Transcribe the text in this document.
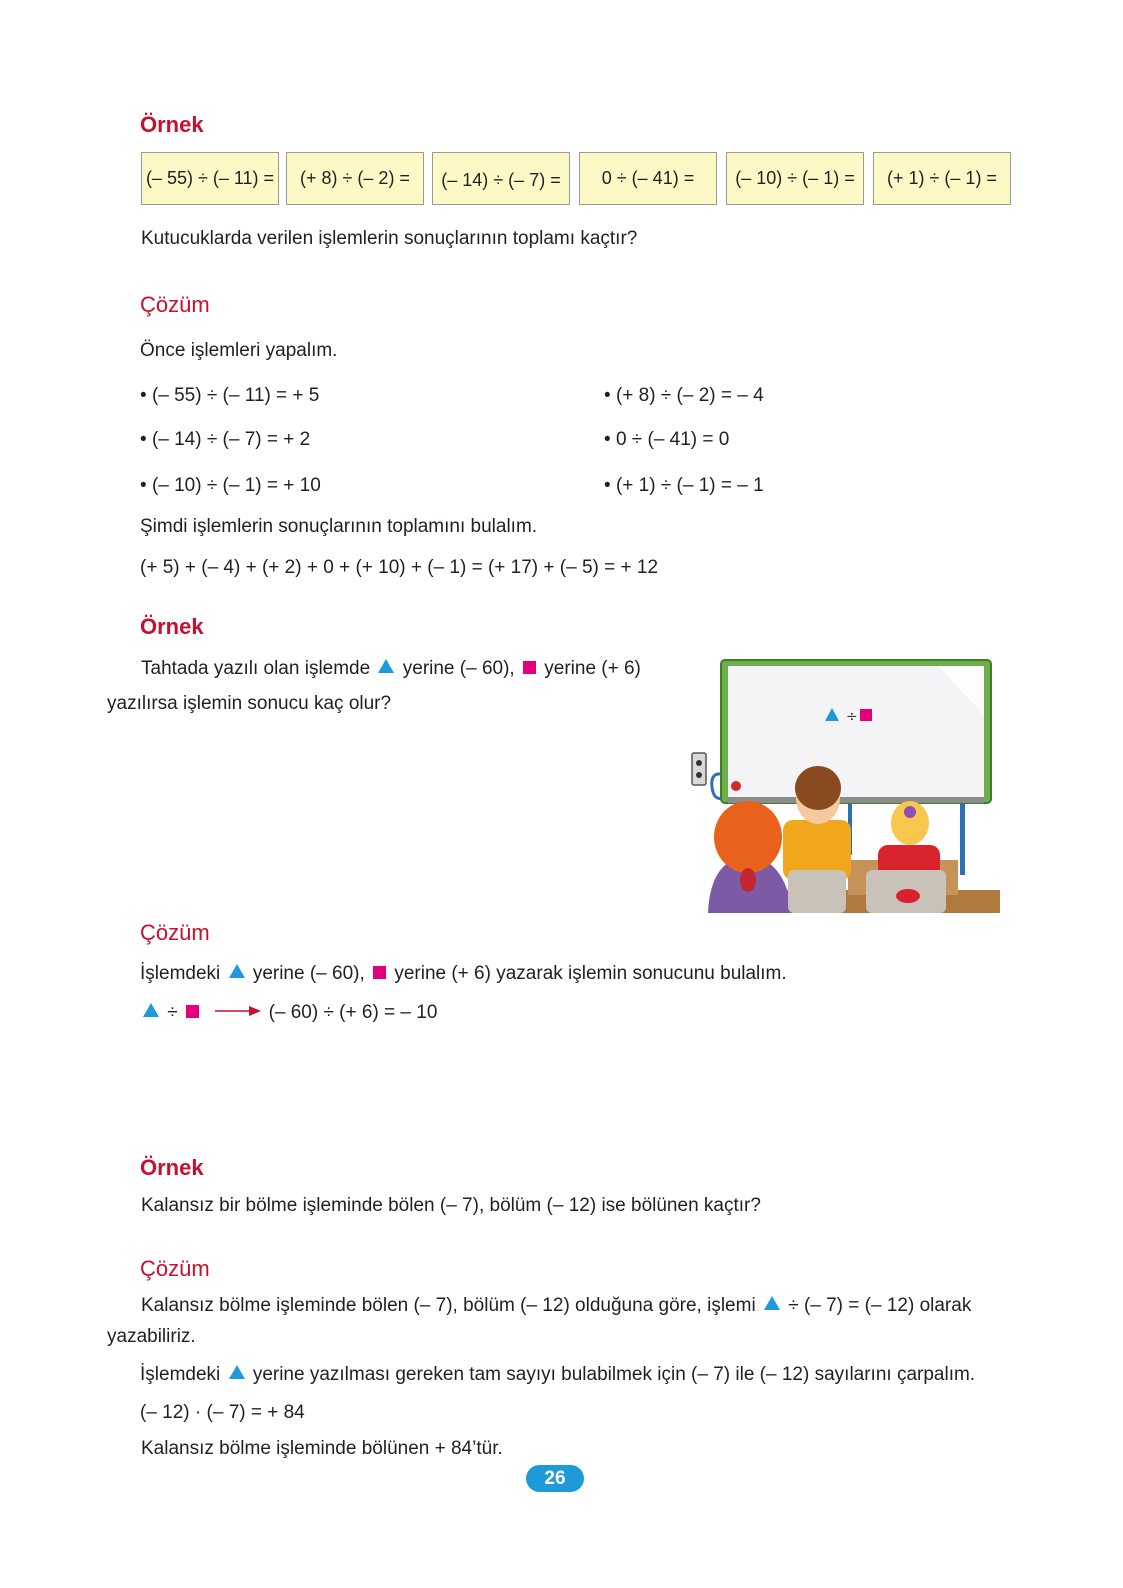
Örnek
(– 55) ÷ (– 11) =	(+ 8) ÷ (– 2) =	(– 14) ÷ (– 7) =	0 ÷ (– 41) =	(– 10) ÷ (– 1) =	(+ 1) ÷ (– 1) =
Kutucuklarda verilen işlemlerin sonuçlarının toplamı kaçtır?
Çözüm
Önce işlemleri yapalım.
• (– 55) ÷ (– 11) = + 5	• (+ 8) ÷ (– 2) = – 4
• (– 14) ÷ (– 7) = + 2	• 0 ÷ (– 41) = 0
• (– 10) ÷ (– 1) = + 10	• (+ 1) ÷ (– 1) = – 1
Şimdi işlemlerin sonuçlarının toplamını bulalım.
(+ 5) + (– 4) + (+ 2) + 0 + (+ 10) + (– 1) = (+ 17) + (– 5) = + 12
Örnek
Tahtada yazılı olan işlemde yerine (– 60), yerine (+ 6)
yazılırsa işlemin sonucu kaç olur?
÷
Çözüm
İşlemdeki yerine (– 60), yerine (+ 6) yazarak işlemin sonucunu bulalım.
÷	(– 60) ÷ (+ 6) = – 10
Örnek
Kalansız bir bölme işleminde bölen (– 7), bölüm (– 12) ise bölünen kaçtır?
Çözüm
Kalansız bölme işleminde bölen (– 7), bölüm (– 12) olduğuna göre, işlemi ÷ (– 7) = (– 12) olarak
yazabiliriz.
İşlemdeki yerine yazılması gereken tam sayıyı bulabilmek için (– 7) ile (– 12) sayılarını çarpalım.
(– 12) · (– 7) = + 84
Kalansız bölme işleminde bölünen + 84’tür.
26
